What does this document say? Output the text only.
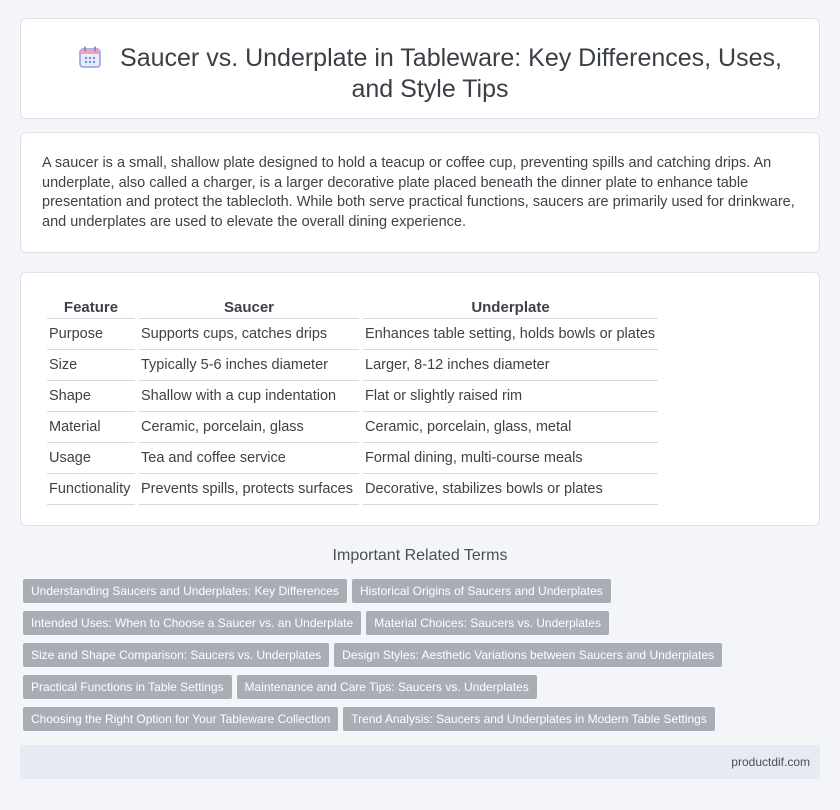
Saucer vs. Underplate in Tableware: Key Differences, Uses, and Style Tips

A saucer is a small, shallow plate designed to hold a teacup or coffee cup, preventing spills and catching drips. An underplate, also called a charger, is a larger decorative plate placed beneath the dinner plate to enhance table presentation and protect the tablecloth. While both serve practical functions, saucers are primarily used for drinkware, and underplates are used to elevate the overall dining experience.

Feature	Saucer	Underplate
Purpose	Supports cups, catches drips	Enhances table setting, holds bowls or plates
Size	Typically 5-6 inches diameter	Larger, 8-12 inches diameter
Shape	Shallow with a cup indentation	Flat or slightly raised rim
Material	Ceramic, porcelain, glass	Ceramic, porcelain, glass, metal
Usage	Tea and coffee service	Formal dining, multi-course meals
Functionality	Prevents spills, protects surfaces	Decorative, stabilizes bowls or plates
Important Related Terms
Understanding Saucers and Underplates: Key Differences Historical Origins of Saucers and Underplates
Intended Uses: When to Choose a Saucer vs. an Underplate Material Choices: Saucers vs. Underplates
Size and Shape Comparison: Saucers vs. Underplates Design Styles: Aesthetic Variations between Saucers and Underplates
Practical Functions in Table Settings Maintenance and Care Tips: Saucers vs. Underplates
Choosing the Right Option for Your Tableware Collection Trend Analysis: Saucers and Underplates in Modern Table Settings
productdif.com
